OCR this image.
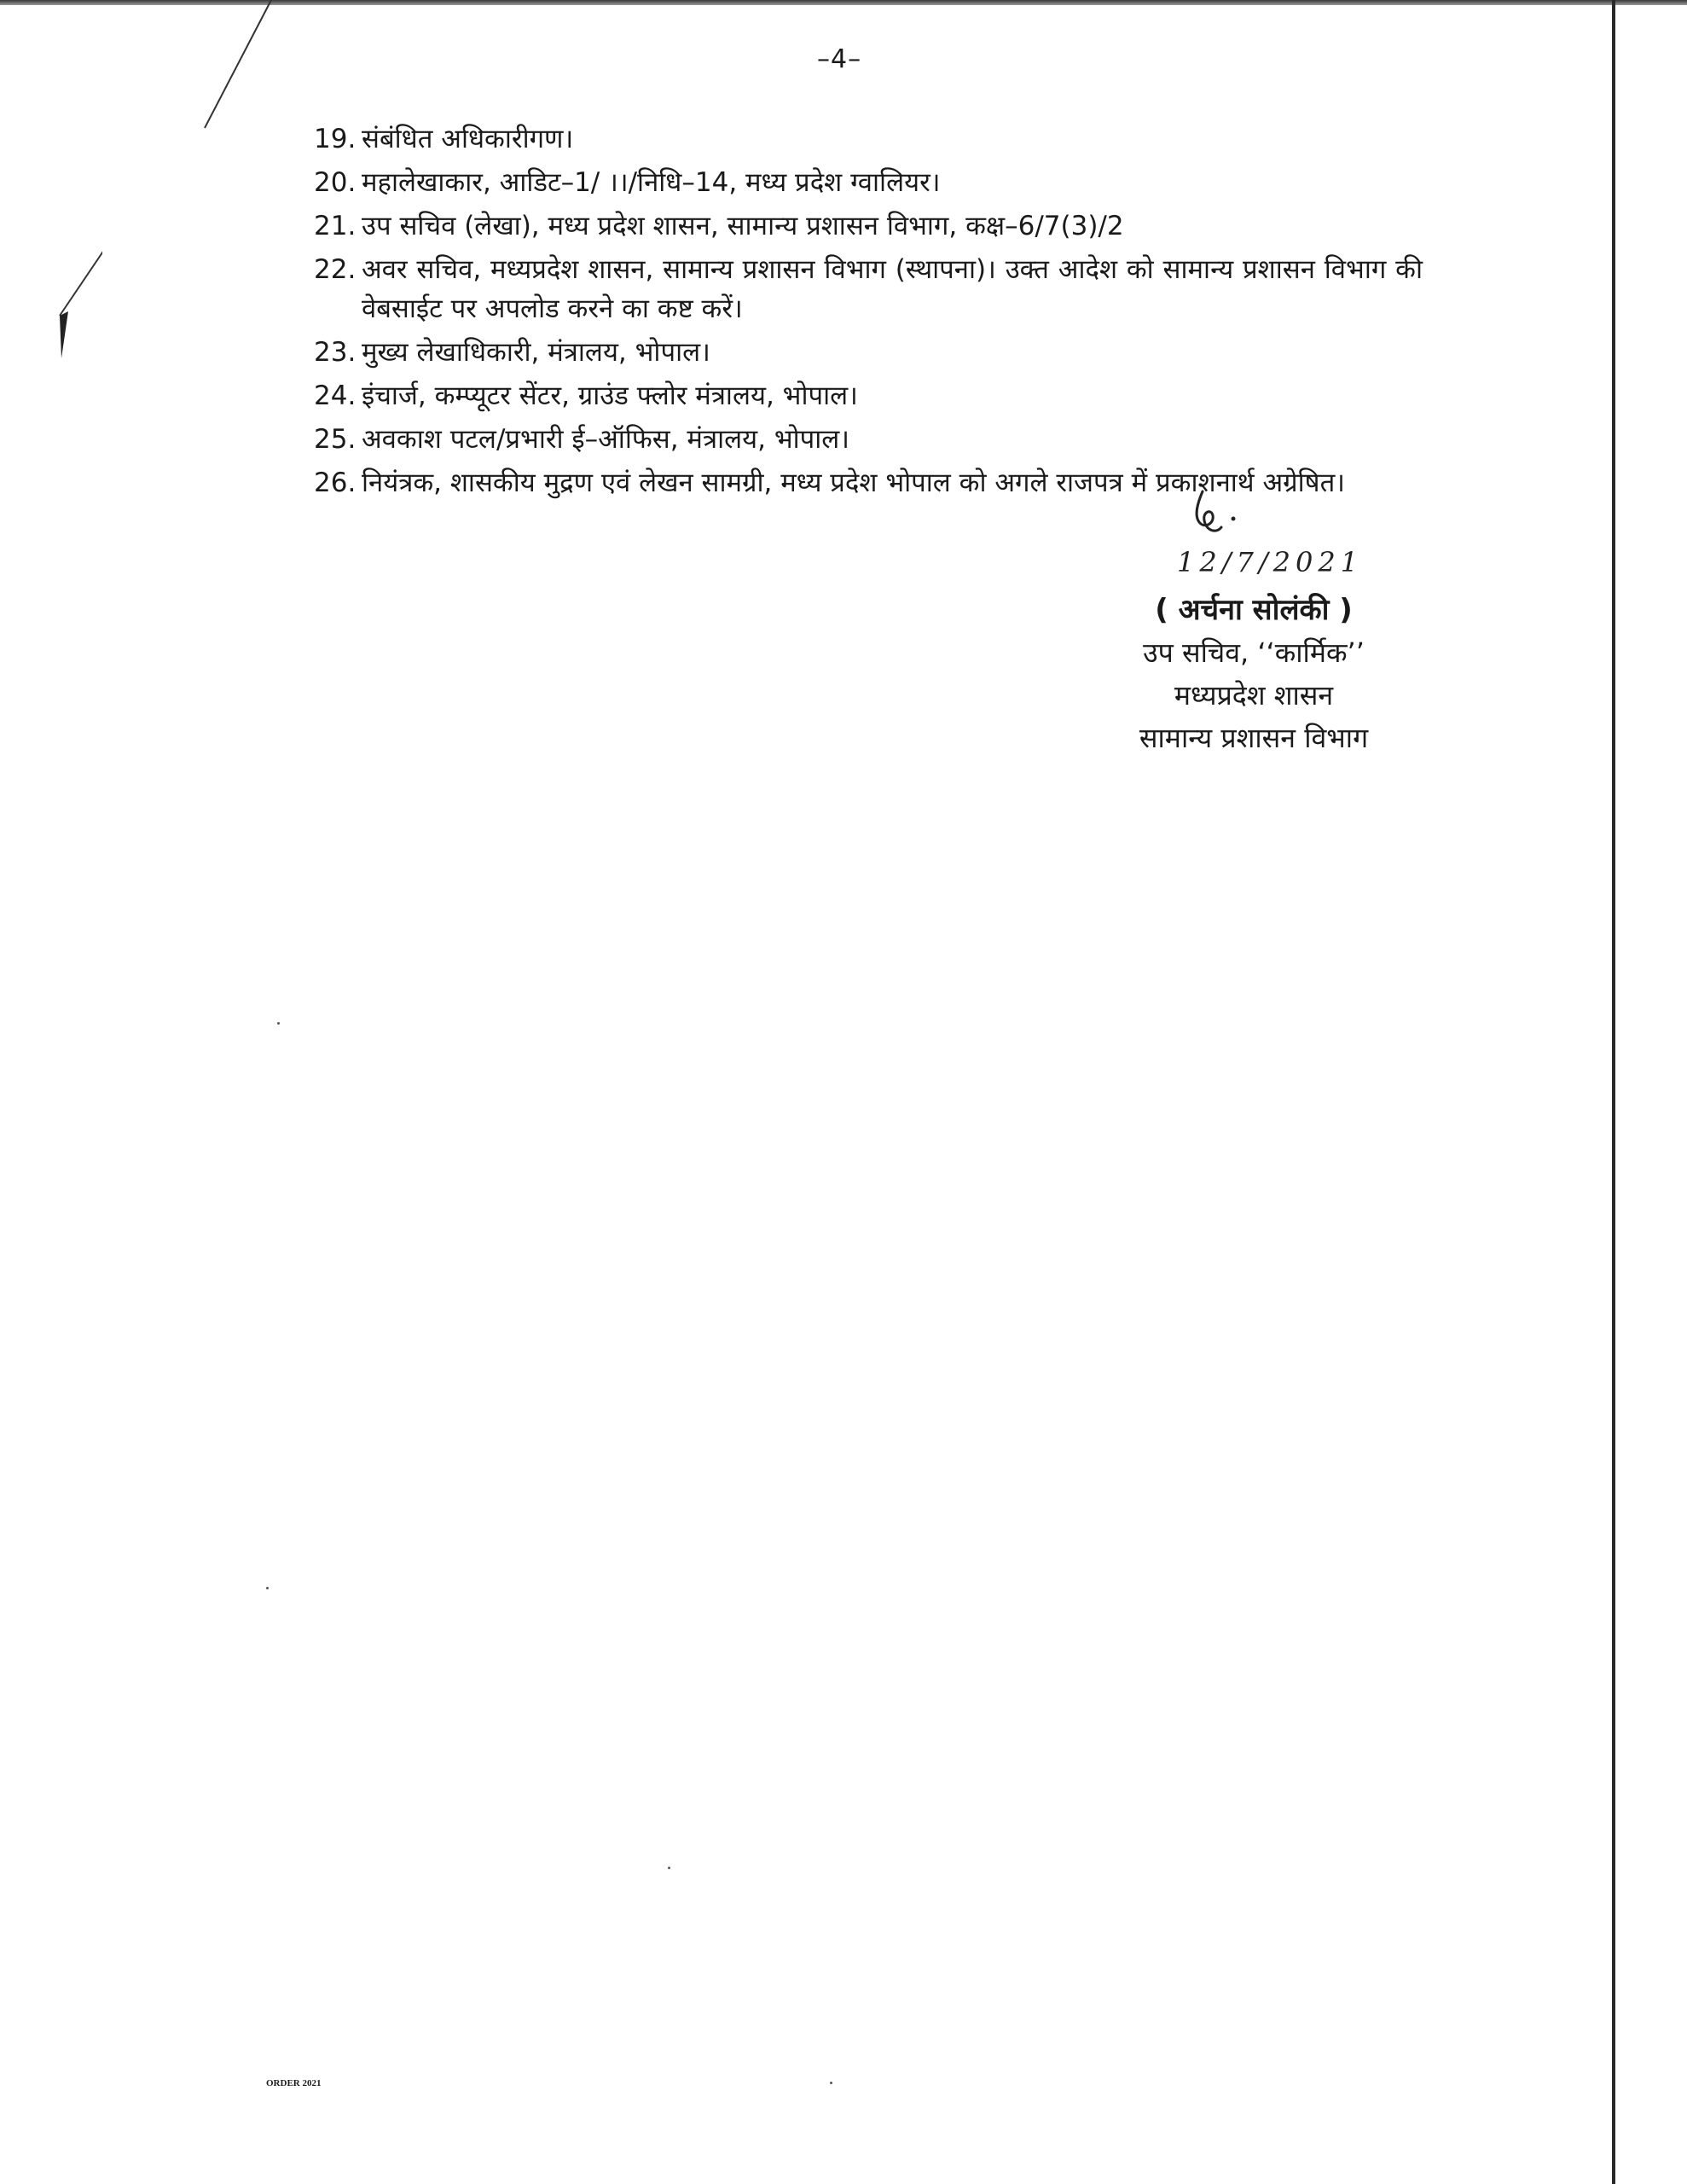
–4–
19. संबंधित अधिकारीगण।
20. महालेखाकार, आडिट–1/ ।।/निधि–14, मध्य प्रदेश ग्वालियर।
21. उप सचिव (लेखा), मध्य प्रदेश शासन, सामान्य प्रशासन विभाग, कक्ष–6/7(3)/2
22. अवर सचिव, मध्यप्रदेश शासन, सामान्य प्रशासन विभाग (स्थापना)। उक्त आदेश को सामान्य प्रशासन विभाग की वेबसाईट पर अपलोड करने का कष्ट करें।
23. मुख्य लेखाधिकारी, मंत्रालय, भोपाल।
24. इंचार्ज, कम्प्यूटर सेंटर, ग्राउंड फ्लोर मंत्रालय, भोपाल।
25. अवकाश पटल/प्रभारी ई–ऑफिस, मंत्रालय, भोपाल।
26. नियंत्रक, शासकीय मुद्रण एवं लेखन सामग्री, मध्य प्रदेश भोपाल को अगले राजपत्र में प्रकाशनार्थ अग्रेषित।
12/7/2021
( अर्चना सोलंकी )
उप सचिव, ‘‘कार्मिक’’
मध्यप्रदेश शासन
सामान्य प्रशासन विभाग
ORDER 2021
